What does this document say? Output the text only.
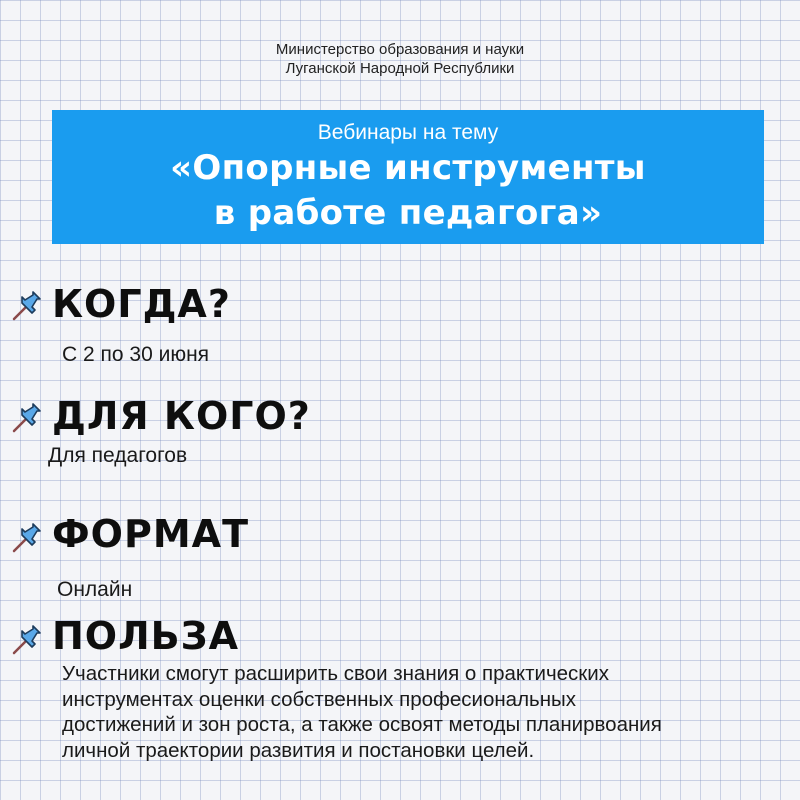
Министерство образования и науки
Луганской Народной Республики
Вебинары на тему
«Опорные инструменты
в работе педагога»
КОГДА?
С 2 по 30 июня
ДЛЯ КОГО?
Для педагогов
ФОРМАТ
Онлайн
ПОЛЬЗА
Участники смогут расширить свои знания о практических
инструментах оценки собственных професиональных
достижений и зон роста, а также освоят методы планирвоания
личной траектории развития и постановки целей.
